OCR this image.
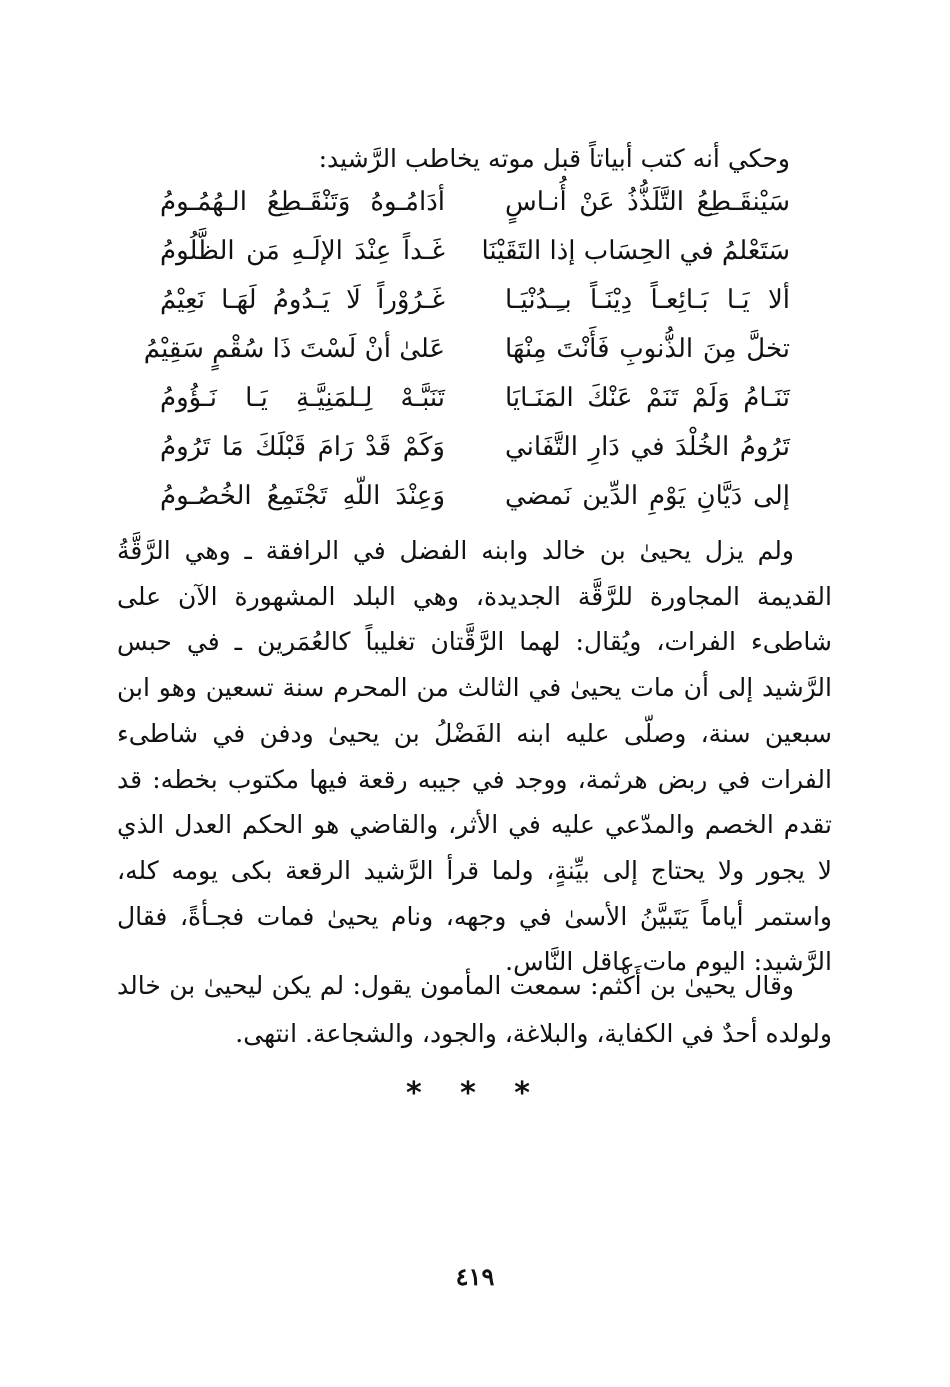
وحكي أنه كتب أبياتاً قبل موته يخاطب الرَّشيد:

سَيْنقَـطِعُ التَّلَذُّذُ عَنْ أُنـاسٍ
أدَامُـوهُ وَتَنْقَـطِعُ الـهُمُـومُ
سَتَعْلمُ في الحِسَاب إذا التَقَيْنَا
غَـداً عِنْدَ الإلَـهِ مَن الظَّلُومُ
ألا يَـا بَـائِعـاً دِيْنَـاً بـِـدُنْيَـا
غَـرُوْراً لَا يَـدُومُ لَهَـا نَعِيْمُ
تخلَّ مِنَ الذُّنوبِ فَأَنْتَ مِنْهَا
عَلىٰ أنْ لَسْتَ ذَا سُقْمٍ سَقِيْمُ
تَنَـامُ وَلَمْ تَنَمْ عَنْكَ المَنَـايَا
تَنَبَّـهْ لِـلمَنِيَّـةِ يَـا نَـؤُومُ
تَرُومُ الخُلْدَ في دَارِ التَّفَاني
وَكَمْ قَدْ رَامَ قَبْلَكَ مَا تَرُومُ
إلى دَيَّانِ يَوْمِ الدِّين نَمضي
وَعِنْدَ اللّهِ تَجْتَمِعُ الخُصُـومُ

ولم يزل يحيىٰ بن خالد وابنه الفضل في الرافقة ـ وهي الرَّقَّةُ القديمة المجاورة للرَّقَّة الجديدة، وهي البلد المشهورة الآن على شاطىء الفرات، ويُقال: لهما الرَّقَّتان تغليباً كالعُمَرين ـ في حبس الرَّشيد إلى أن مات يحيىٰ في الثالث من المحرم سنة تسعين وهو ابن سبعين سنة، وصلّى عليه ابنه الفَضْلُ بن يحيىٰ ودفن في شاطىء الفرات في ربض هرثمة، ووجد في جيبه رقعة فيها مكتوب بخطه: قد تقدم الخصم والمدّعي عليه في الأثر، والقاضي هو الحكم العدل الذي لا يجور ولا يحتاج إلى بيِّنةٍ، ولما قرأ الرَّشيد الرقعة بكى يومه كله، واستمر أياماً يَتَبيَّنُ الأسىٰ في وجهه، ونام يحيىٰ فمات فجـأةً، فقال الرَّشيد: اليوم مات عاقل النَّاس.

وقال يحيىٰ بن أَكْثم: سمعت المأمون يقول: لم يكن ليحيىٰ بن خالد ولولده أحدٌ في الكفاية، والبلاغة، والجود، والشجاعة. انتهى.

* * *
٤١٩
